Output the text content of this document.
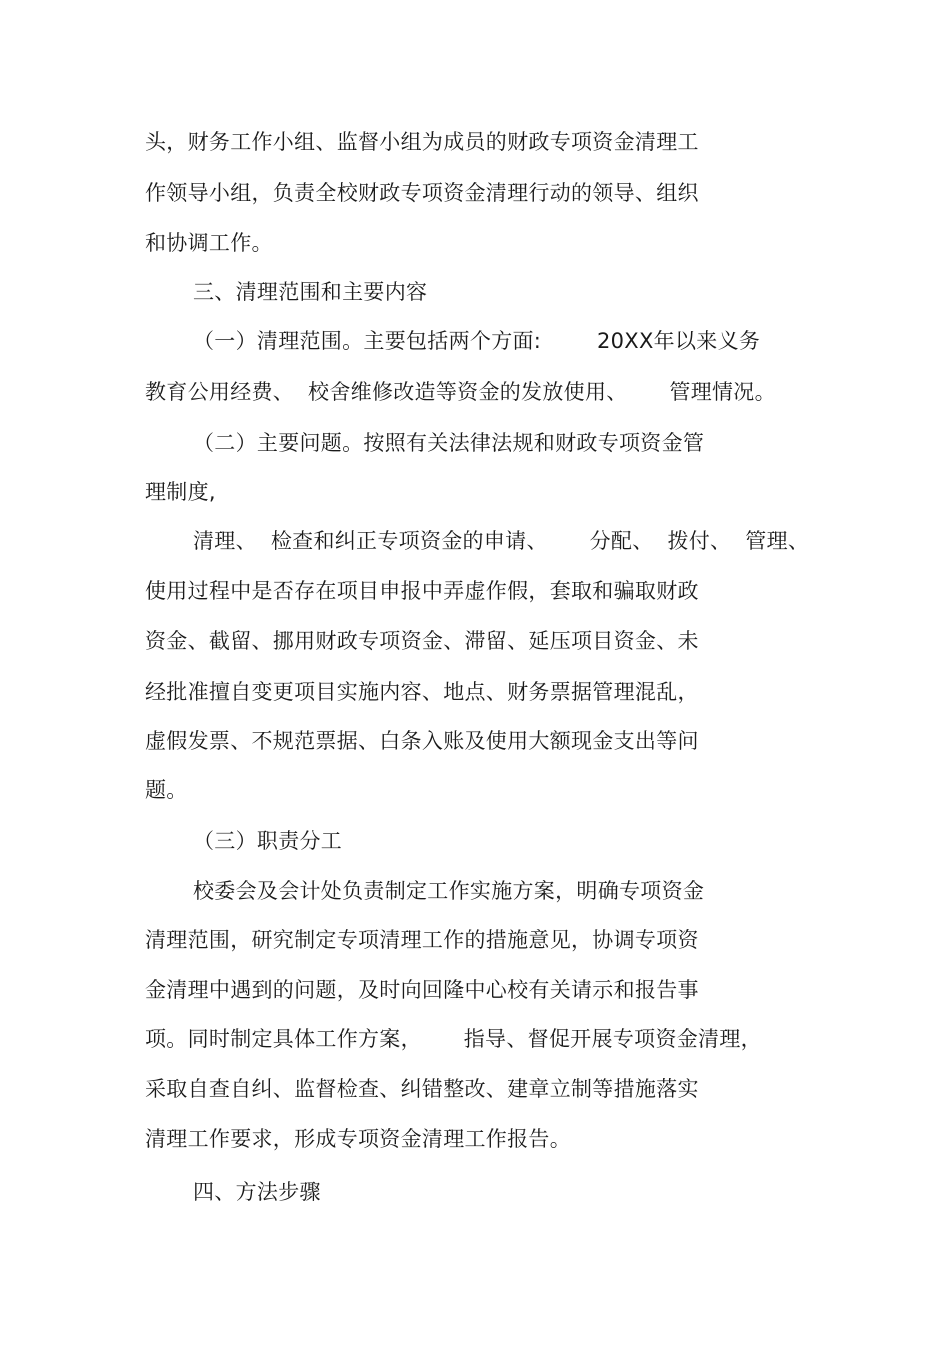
头，财务工作小组、监督小组为成员的财政专项资金清理工
作领导小组，负责全校财政专项资金清理行动的领导、组织
和协调工作。
三、清理范围和主要内容
（一）清理范围。主要包括两个方面:        20XX年以来义务
教育公用经费、  校舍维修改造等资金的发放使用、      管理情况。
（二）主要问题。按照有关法律法规和财政专项资金管
理制度,
清理、  检查和纠正专项资金的申请、      分配、  拨付、  管理、
使用过程中是否存在项目申报中弄虚作假，套取和骗取财政
资金、截留、挪用财政专项资金、滞留、延压项目资金、未
经批准擅自变更项目实施内容、地点、财务票据管理混乱，
虚假发票、不规范票据、白条入账及使用大额现金支出等问
题。
（三）职责分工
校委会及会计处负责制定工作实施方案，明确专项资金
清理范围，研究制定专项清理工作的措施意见，协调专项资
金清理中遇到的问题，及时向回隆中心校有关请示和报告事
项。同时制定具体工作方案，      指导、督促开展专项资金清理，
采取自查自纠、监督检查、纠错整改、建章立制等措施落实
清理工作要求，形成专项资金清理工作报告。
四、方法步骤
